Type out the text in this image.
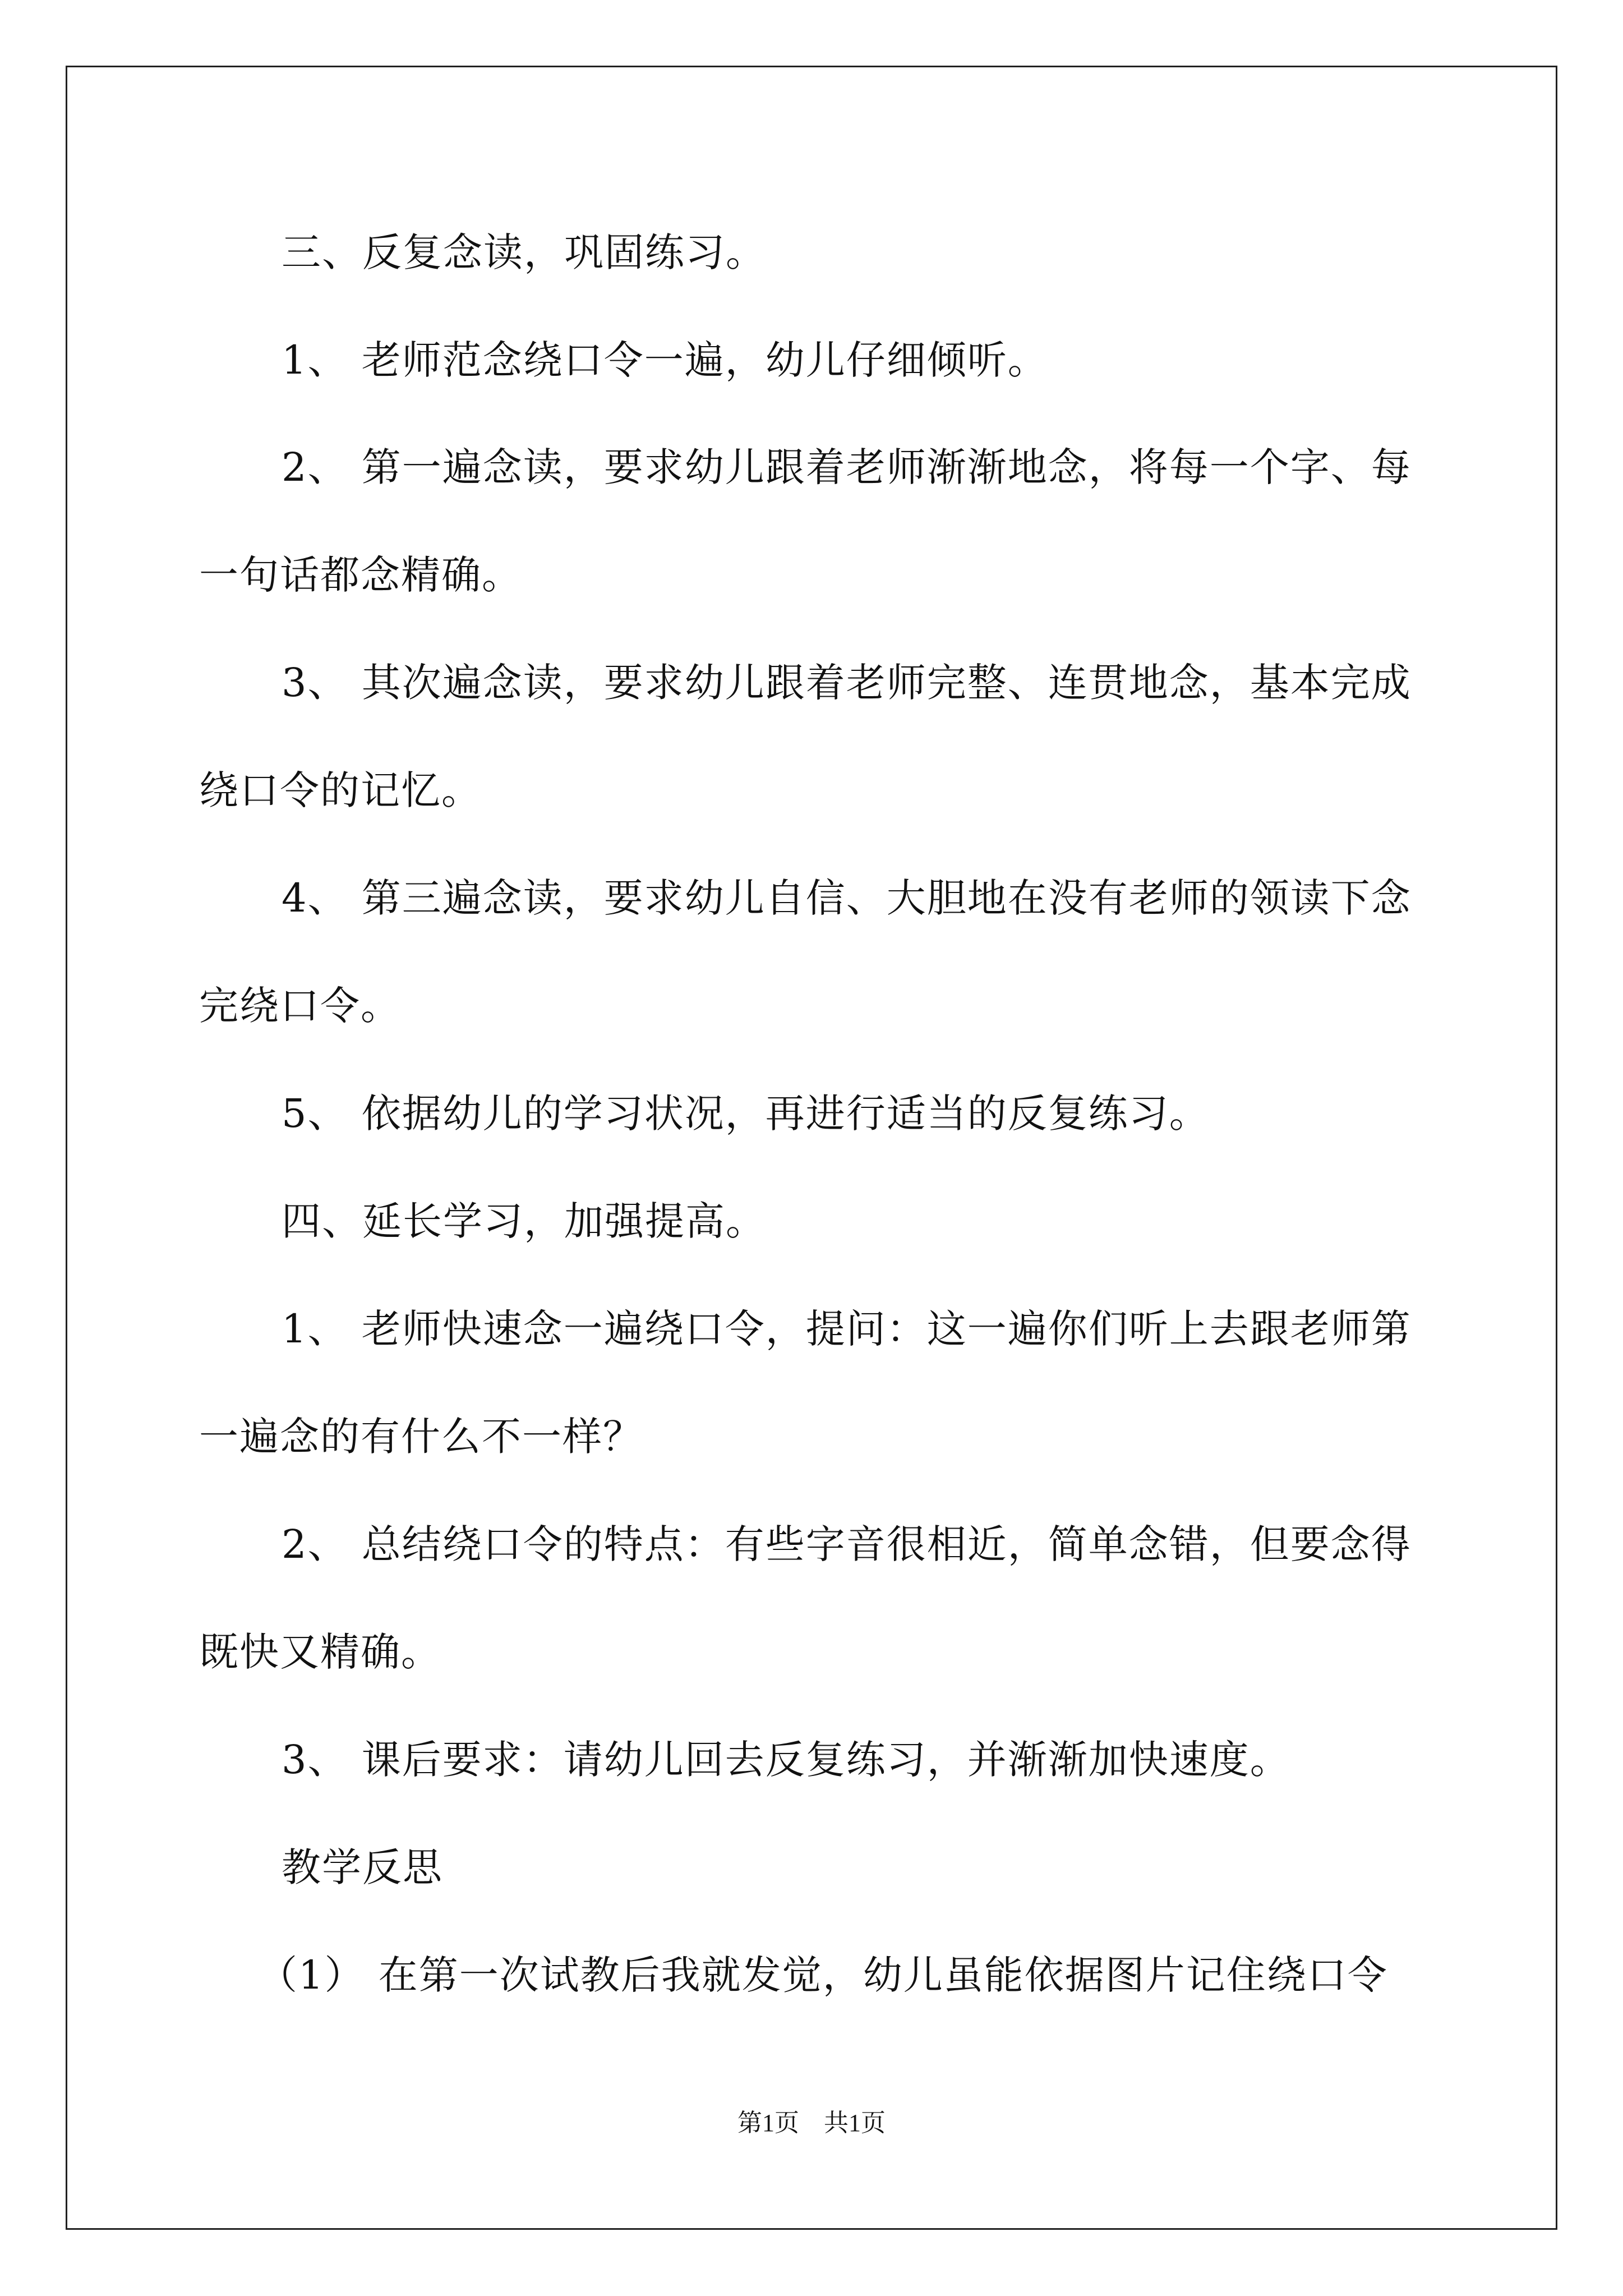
三、反复念读，巩固练习。
1、 老师范念绕口令一遍，幼儿仔细倾听。
2、 第一遍念读，要求幼儿跟着老师渐渐地念，将每一个字、每
一句话都念精确。
3、 其次遍念读，要求幼儿跟着老师完整、连贯地念，基本完成
绕口令的记忆。
4、 第三遍念读，要求幼儿自信、大胆地在没有老师的领读下念
完绕口令。
5、 依据幼儿的学习状况，再进行适当的反复练习。
四、延长学习，加强提高。
1、 老师快速念一遍绕口令，提问：这一遍你们听上去跟老师第
一遍念的有什么不一样？
2、 总结绕口令的特点：有些字音很相近，简单念错，但要念得
既快又精确。
3、 课后要求：请幼儿回去反复练习，并渐渐加快速度。
教学反思
（1） 在第一次试教后我就发觉，幼儿虽能依据图片记住绕口令
第1页　共1页
